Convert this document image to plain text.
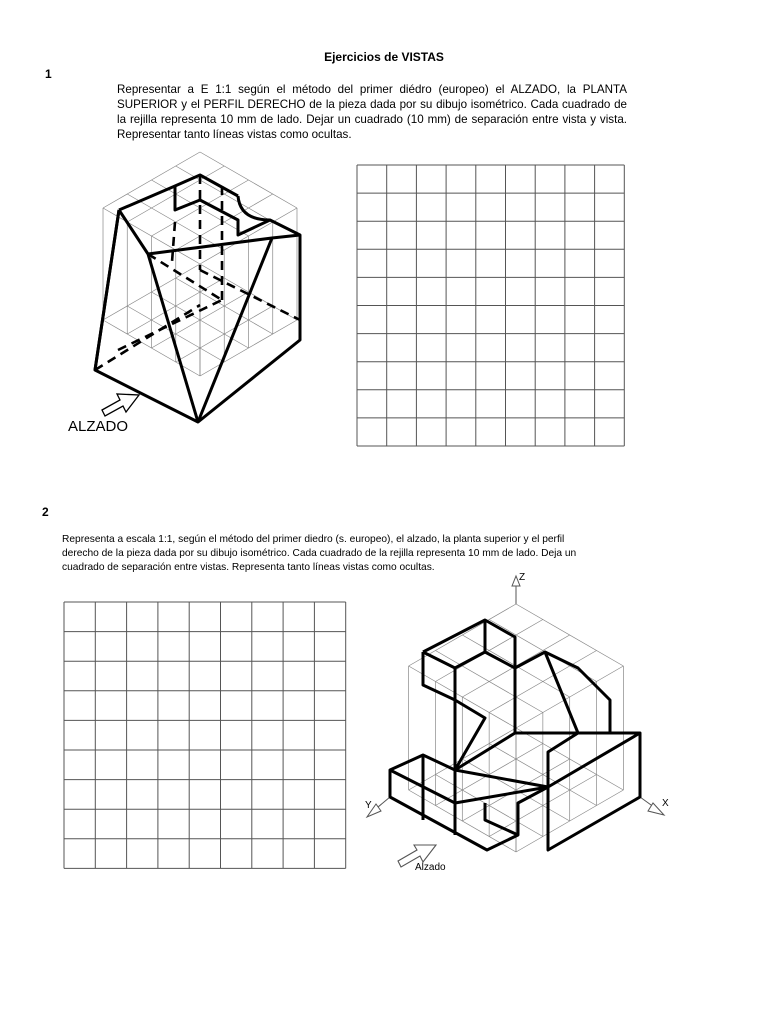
Ejercicios de VISTAS
1
Representar a E 1:1 según el método del primer diédro (europeo) el ALZADO, la PLANTA SUPERIOR y el PERFIL DERECHO de la pieza dada por su dibujo isométrico. Cada cuadrado de la rejilla representa 10 mm de lado. Dejar un cuadrado (10 mm) de separación entre vista y vista. Representar tanto líneas vistas como ocultas.
2
Representa a escala 1:1, según el método del primer diedro (s. europeo), el alzado, la planta superior y el perfil derecho de la pieza dada por su dibujo isométrico. Cada cuadrado de la rejilla representa 10 mm de lado. Deja un cuadrado de separación entre vistas. Representa tanto líneas vistas como ocultas.
ALZADO
Alzado
Z
Y	X
